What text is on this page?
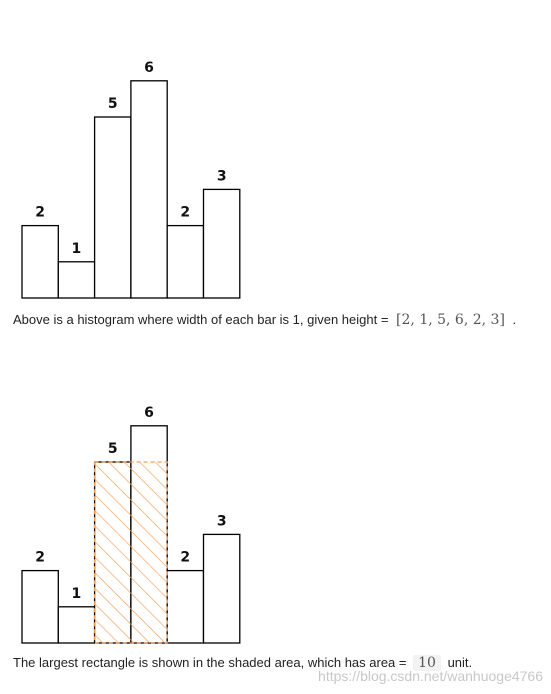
2
1
5
6
2
3
Above is a histogram where width of each bar is 1, given height = [2, 1, 5, 6, 2, 3] .
2
1
5
6
2
3
The largest rectangle is shown in the shaded area, which has area = 10 unit.
https://blog.csdn.net/wanhuoge4766
